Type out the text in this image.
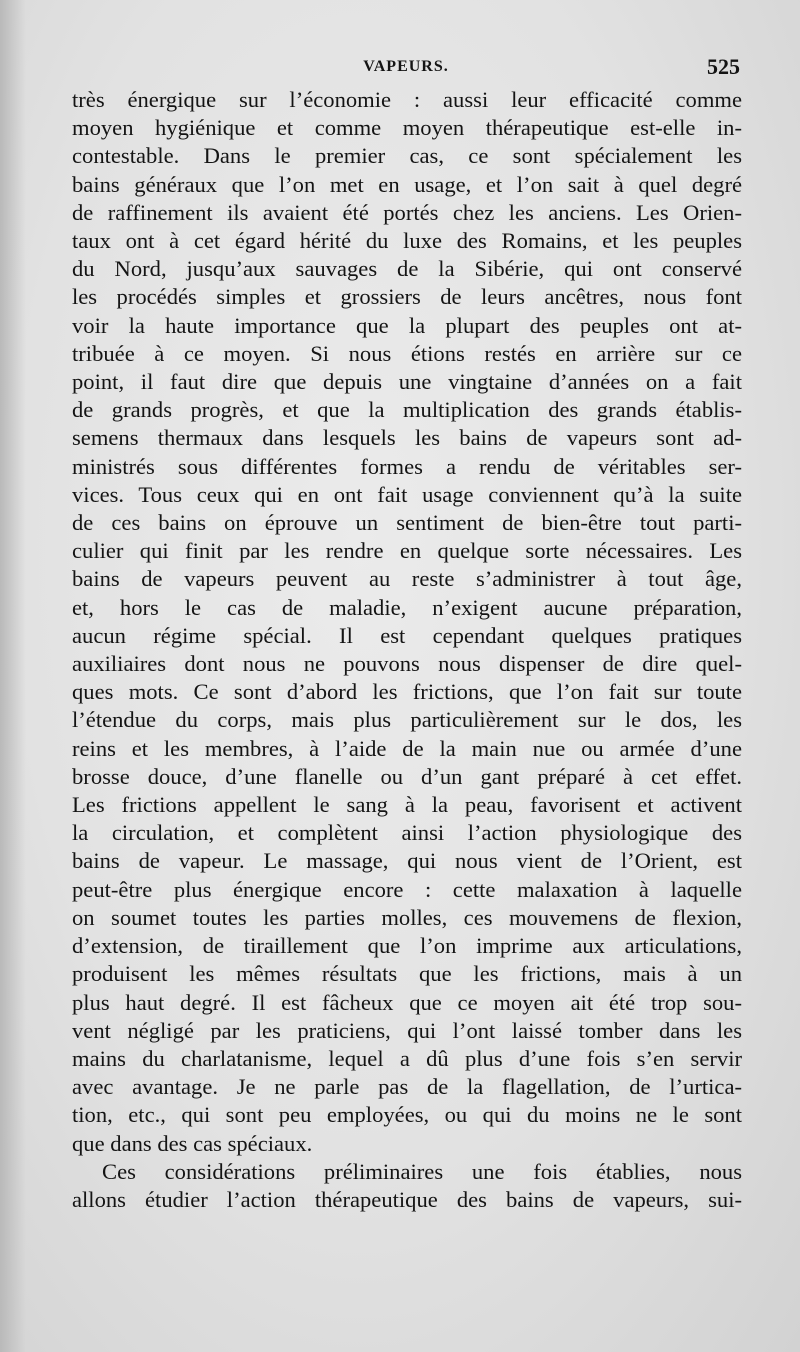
VAPEURS.	525
très énergique sur l’économie : aussi leur efficacité comme
moyen hygiénique et comme moyen thérapeutique est-elle in-
contestable. Dans le premier cas, ce sont spécialement les
bains généraux que l’on met en usage, et l’on sait à quel degré
de raffinement ils avaient été portés chez les anciens. Les Orien-
taux ont à cet égard hérité du luxe des Romains, et les peuples
du Nord, jusqu’aux sauvages de la Sibérie, qui ont conservé
les procédés simples et grossiers de leurs ancêtres, nous font
voir la haute importance que la plupart des peuples ont at-
tribuée à ce moyen. Si nous étions restés en arrière sur ce
point, il faut dire que depuis une vingtaine d’années on a fait
de grands progrès, et que la multiplication des grands établis-
semens thermaux dans lesquels les bains de vapeurs sont ad-
ministrés sous différentes formes a rendu de véritables ser-
vices. Tous ceux qui en ont fait usage conviennent qu’à la suite
de ces bains on éprouve un sentiment de bien-être tout parti-
culier qui finit par les rendre en quelque sorte nécessaires. Les
bains de vapeurs peuvent au reste s’administrer à tout âge,
et, hors le cas de maladie, n’exigent aucune préparation,
aucun régime spécial. Il est cependant quelques pratiques
auxiliaires dont nous ne pouvons nous dispenser de dire quel-
ques mots. Ce sont d’abord les frictions, que l’on fait sur toute
l’étendue du corps, mais plus particulièrement sur le dos, les
reins et les membres, à l’aide de la main nue ou armée d’une
brosse douce, d’une flanelle ou d’un gant préparé à cet effet.
Les frictions appellent le sang à la peau, favorisent et activent
la circulation, et complètent ainsi l’action physiologique des
bains de vapeur. Le massage, qui nous vient de l’Orient, est
peut-être plus énergique encore : cette malaxation à laquelle
on soumet toutes les parties molles, ces mouvemens de flexion,
d’extension, de tiraillement que l’on imprime aux articulations,
produisent les mêmes résultats que les frictions, mais à un
plus haut degré. Il est fâcheux que ce moyen ait été trop sou-
vent négligé par les praticiens, qui l’ont laissé tomber dans les
mains du charlatanisme, lequel a dû plus d’une fois s’en servir
avec avantage. Je ne parle pas de la flagellation, de l’urtica-
tion, etc., qui sont peu employées, ou qui du moins ne le sont
que dans des cas spéciaux.
Ces considérations préliminaires une fois établies, nous
allons étudier l’action thérapeutique des bains de vapeurs, sui-
